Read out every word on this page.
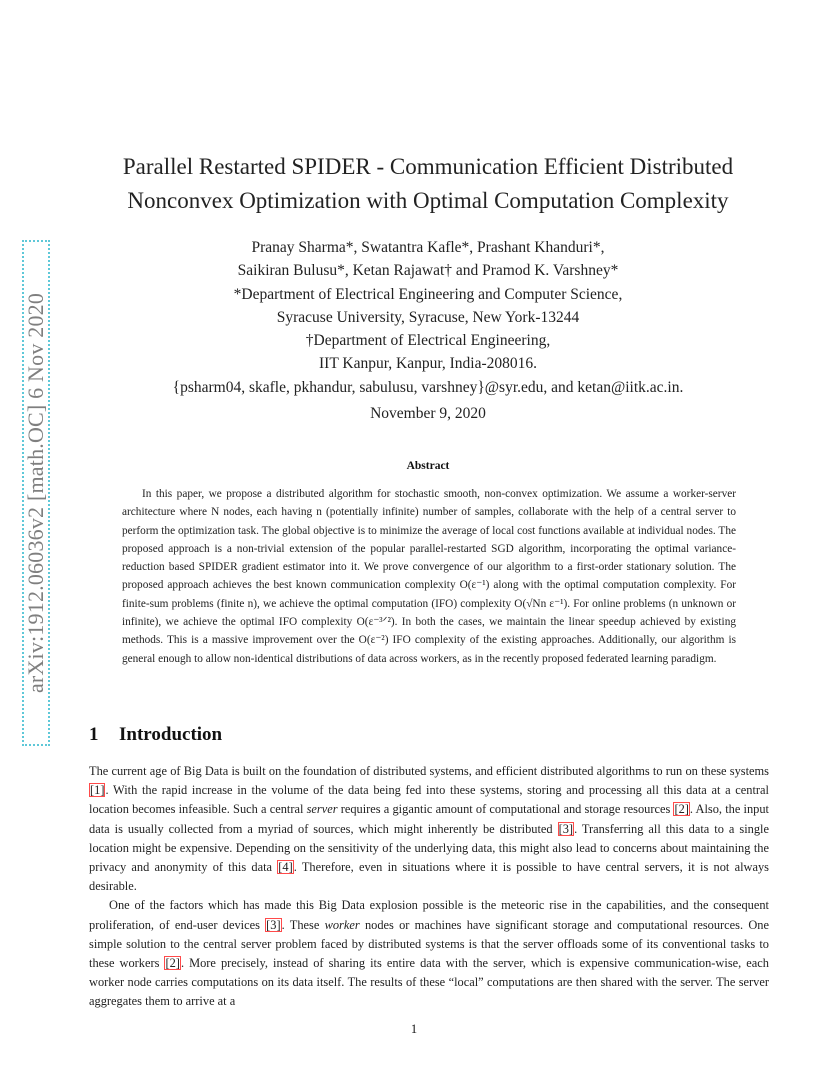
arXiv:1912.06036v2 [math.OC] 6 Nov 2020
Parallel Restarted SPIDER - Communication Efficient Distributed
Nonconvex Optimization with Optimal Computation Complexity
Pranay Sharma*, Swatantra Kafle*, Prashant Khanduri*,
Saikiran Bulusu*, Ketan Rajawat† and Pramod K. Varshney*
*Department of Electrical Engineering and Computer Science,
Syracuse University, Syracuse, New York-13244
†Department of Electrical Engineering,
IIT Kanpur, Kanpur, India-208016.
{psharm04, skafle, pkhandur, sabulusu, varshney}@syr.edu, and ketan@iitk.ac.in.
November 9, 2020
Abstract

In this paper, we propose a distributed algorithm for stochastic smooth, non-convex optimization. We assume a worker-server architecture where N nodes, each having n (potentially infinite) number of samples, collaborate with the help of a central server to perform the optimization task. The global objective is to minimize the average of local cost functions available at individual nodes. The proposed approach is a non-trivial extension of the popular parallel-restarted SGD algorithm, incorporating the optimal variance-reduction based SPIDER gradient estimator into it. We prove convergence of our algorithm to a first-order stationary solution. The proposed approach achieves the best known communication complexity O(ε⁻¹) along with the optimal computation complexity. For finite-sum problems (finite n), we achieve the optimal computation (IFO) complexity O(√Nn ε⁻¹). For online problems (n unknown or infinite), we achieve the optimal IFO complexity O(ε⁻³ᐟ²). In both the cases, we maintain the linear speedup achieved by existing methods. This is a massive improvement over the O(ε⁻²) IFO complexity of the existing approaches. Additionally, our algorithm is general enough to allow non-identical distributions of data across workers, as in the recently proposed federated learning paradigm.

1 Introduction

The current age of Big Data is built on the foundation of distributed systems, and efficient distributed algorithms to run on these systems [1]. With the rapid increase in the volume of the data being fed into these systems, storing and processing all this data at a central location becomes infeasible. Such a central server requires a gigantic amount of computational and storage resources [2]. Also, the input data is usually collected from a myriad of sources, which might inherently be distributed [3]. Transferring all this data to a single location might be expensive. Depending on the sensitivity of the underlying data, this might also lead to concerns about maintaining the privacy and anonymity of this data [4]. Therefore, even in situations where it is possible to have central servers, it is not always desirable.

One of the factors which has made this Big Data explosion possible is the meteoric rise in the capabilities, and the consequent proliferation, of end-user devices [3]. These worker nodes or machines have significant storage and computational resources. One simple solution to the central server problem faced by distributed systems is that the server offloads some of its conventional tasks to these workers [2]. More precisely, instead of sharing its entire data with the server, which is expensive communication-wise, each worker node carries computations on its data itself. The results of these “local” computations are then shared with the server. The server aggregates them to arrive at a

1
